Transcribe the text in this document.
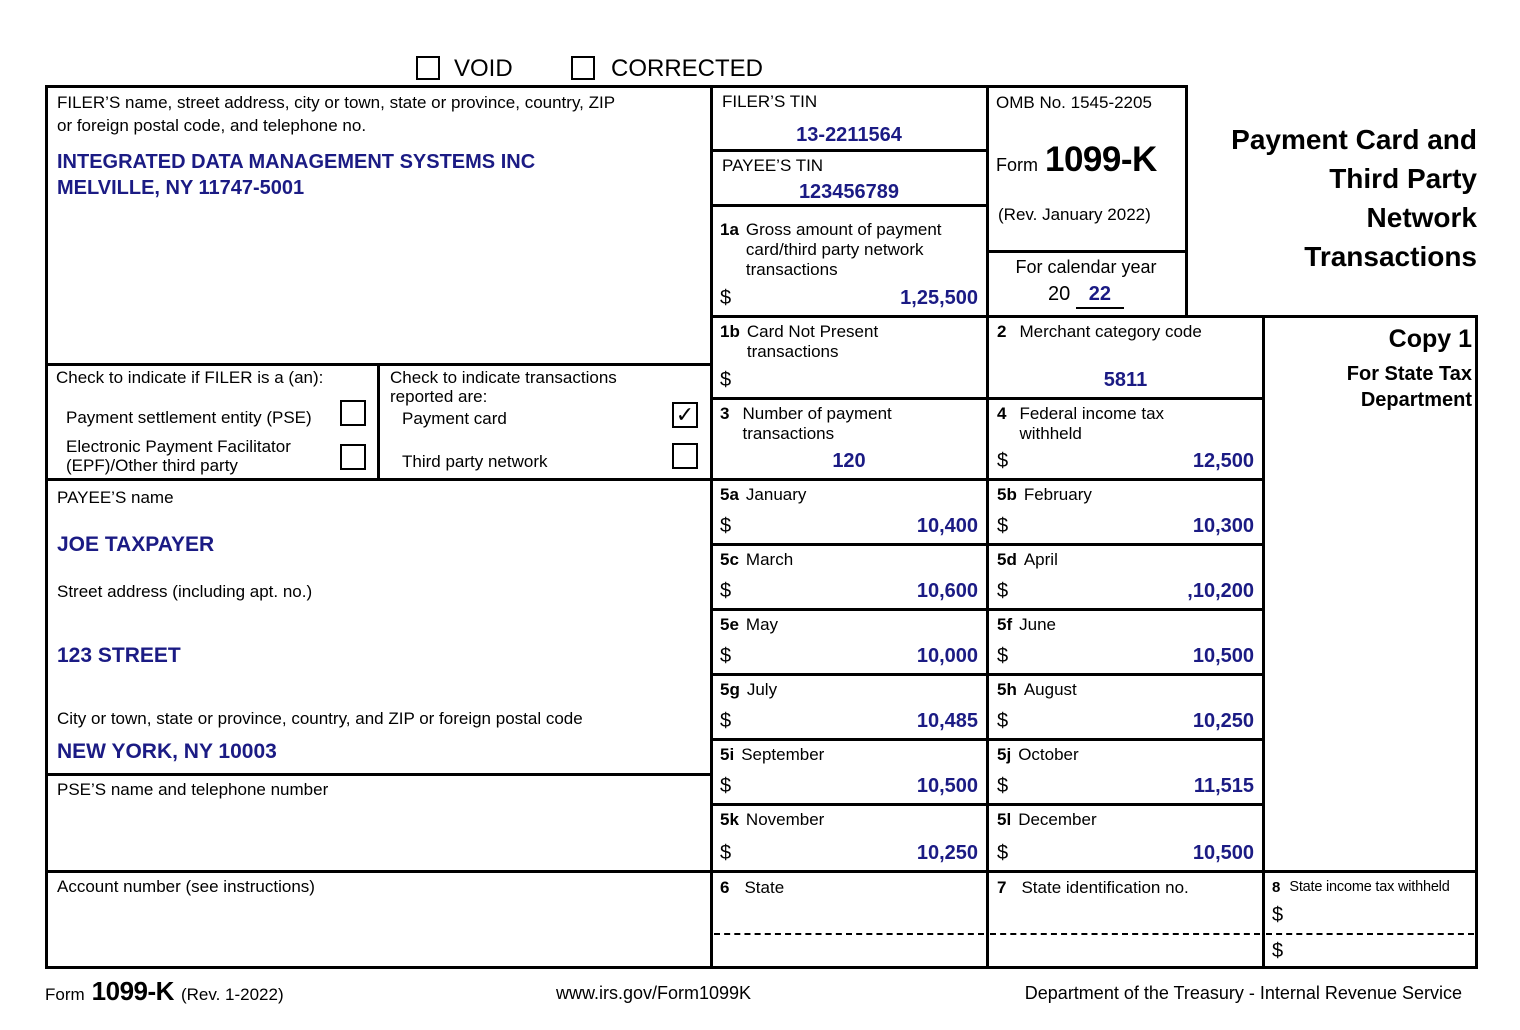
VOID	CORRECTED
FILER’S name, street address, city or town, state or province, country, ZIP
or foreign postal code, and telephone no.
INTEGRATED DATA MANAGEMENT SYSTEMS INC
MELVILLE, NY 11747-5001
FILER’S TIN
13-2211564
PAYEE’S TIN
123456789
OMB No. 1545-2205
Form 1099-K
(Rev. January 2022)
For calendar year
20 22
Payment Card and
Third Party
Network
Transactions
Copy 1
For State Tax
Department
1a Gross amount of payment
card/third party network
transactions
$	1,25,500
1b Card Not Present
transactions
$
2 Merchant category code
5811
3 Number of payment
transactions
120
4 Federal income tax
withheld
$	12,500
Check to indicate if FILER is a (an):
Payment settlement entity (PSE)
Electronic Payment Facilitator
(EPF)/Other third party
Check to indicate transactions
reported are:
Payment card	✓
Third party network
PAYEE’S name
JOE TAXPAYER
Street address (including apt. no.)
123 STREET
City or town, state or province, country, and ZIP or foreign postal code
NEW YORK, NY 10003
PSE’S name and telephone number
Account number (see instructions)
5a January
$	10,400
5b February
$	10,300
5c March
$	10,600
5d April
$	,10,200
5e May
$	10,000
5f June
$	10,500
5g July
$	10,485
5h August
$	10,250
5i September
$	10,500
5j October
$	11,515
5k November
$	10,250
5l December
$	10,500
6 State	7 State identification no.	8 State income tax withheld
$
$
Form 1099-K (Rev. 1-2022)	www.irs.gov/Form1099K	Department of the Treasury - Internal Revenue Service
